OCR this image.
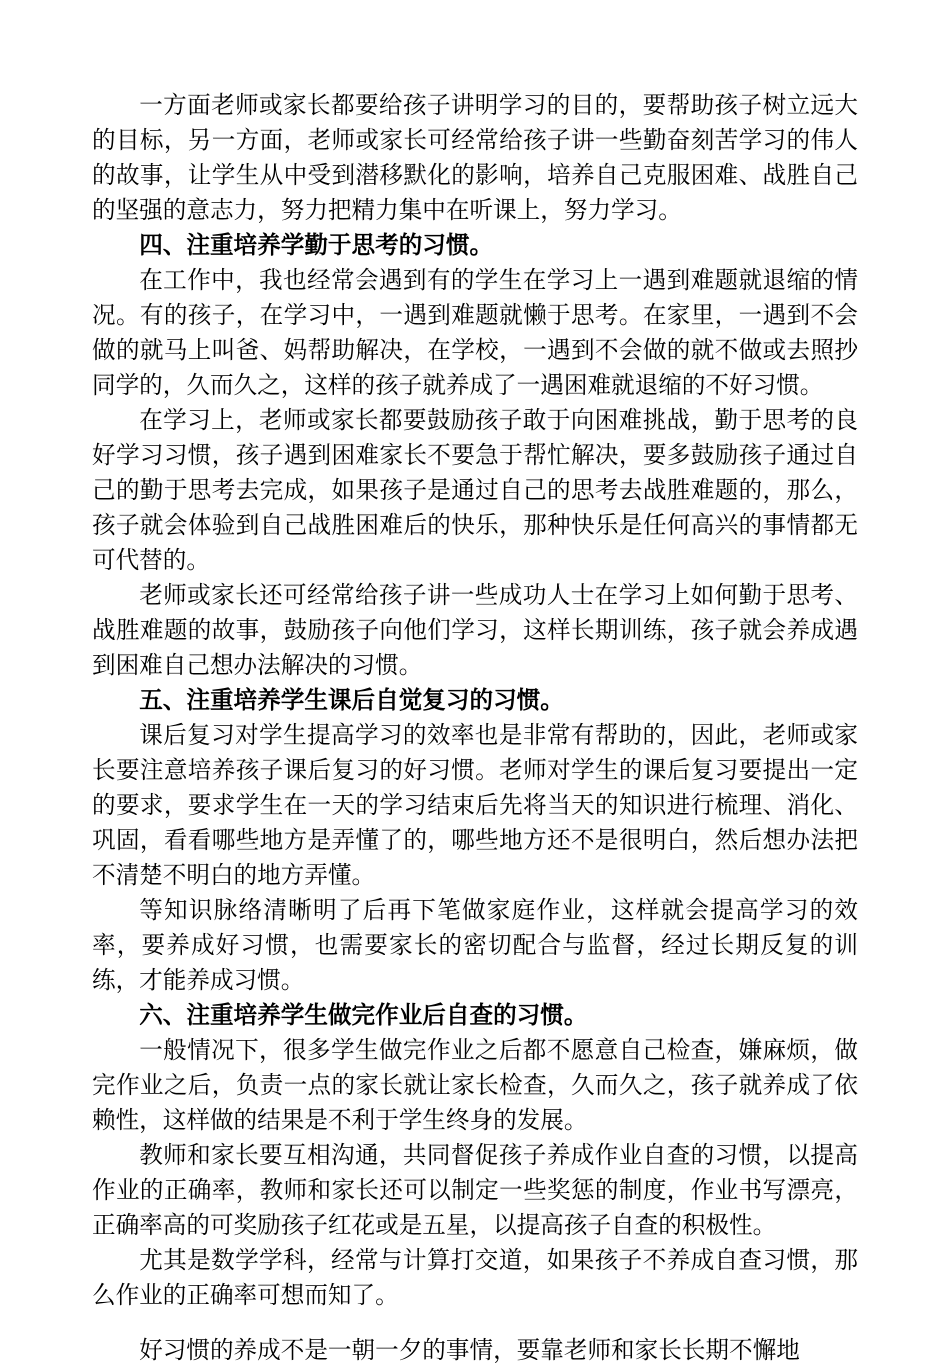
一方面老师或家长都要给孩子讲明学习的目的，要帮助孩子树立远大的目标，另一方面，老师或家长可经常给孩子讲一些勤奋刻苦学习的伟人的故事，让学生从中受到潜移默化的影响，培养自己克服困难、战胜自己的坚强的意志力，努力把精力集中在听课上，努力学习。

四、注重培养学勤于思考的习惯。

在工作中，我也经常会遇到有的学生在学习上一遇到难题就退缩的情况。有的孩子，在学习中，一遇到难题就懒于思考。在家里，一遇到不会做的就马上叫爸、妈帮助解决，在学校，一遇到不会做的就不做或去照抄同学的，久而久之，这样的孩子就养成了一遇困难就退缩的不好习惯。

在学习上，老师或家长都要鼓励孩子敢于向困难挑战，勤于思考的良好学习习惯，孩子遇到困难家长不要急于帮忙解决，要多鼓励孩子通过自己的勤于思考去完成，如果孩子是通过自己的思考去战胜难题的，那么，孩子就会体验到自己战胜困难后的快乐，那种快乐是任何高兴的事情都无可代替的。

老师或家长还可经常给孩子讲一些成功人士在学习上如何勤于思考、战胜难题的故事，鼓励孩子向他们学习，这样长期训练，孩子就会养成遇到困难自己想办法解决的习惯。

五、注重培养学生课后自觉复习的习惯。

课后复习对学生提高学习的效率也是非常有帮助的，因此，老师或家长要注意培养孩子课后复习的好习惯。老师对学生的课后复习要提出一定的要求，要求学生在一天的学习结束后先将当天的知识进行梳理、消化、巩固，看看哪些地方是弄懂了的，哪些地方还不是很明白，然后想办法把不清楚不明白的地方弄懂。

等知识脉络清晰明了后再下笔做家庭作业，这样就会提高学习的效率，要养成好习惯，也需要家长的密切配合与监督，经过长期反复的训练，才能养成习惯。

六、注重培养学生做完作业后自查的习惯。

一般情况下，很多学生做完作业之后都不愿意自己检查，嫌麻烦，做完作业之后，负责一点的家长就让家长检查，久而久之，孩子就养成了依赖性，这样做的结果是不利于学生终身的发展。

教师和家长要互相沟通，共同督促孩子养成作业自查的习惯，以提高作业的正确率，教师和家长还可以制定一些奖惩的制度，作业书写漂亮，正确率高的可奖励孩子红花或是五星，以提高孩子自查的积极性。

尤其是数学学科，经常与计算打交道，如果孩子不养成自查习惯，那么作业的正确率可想而知了。

好习惯的养成不是一朝一夕的事情，要靠老师和家长长期不懈地
